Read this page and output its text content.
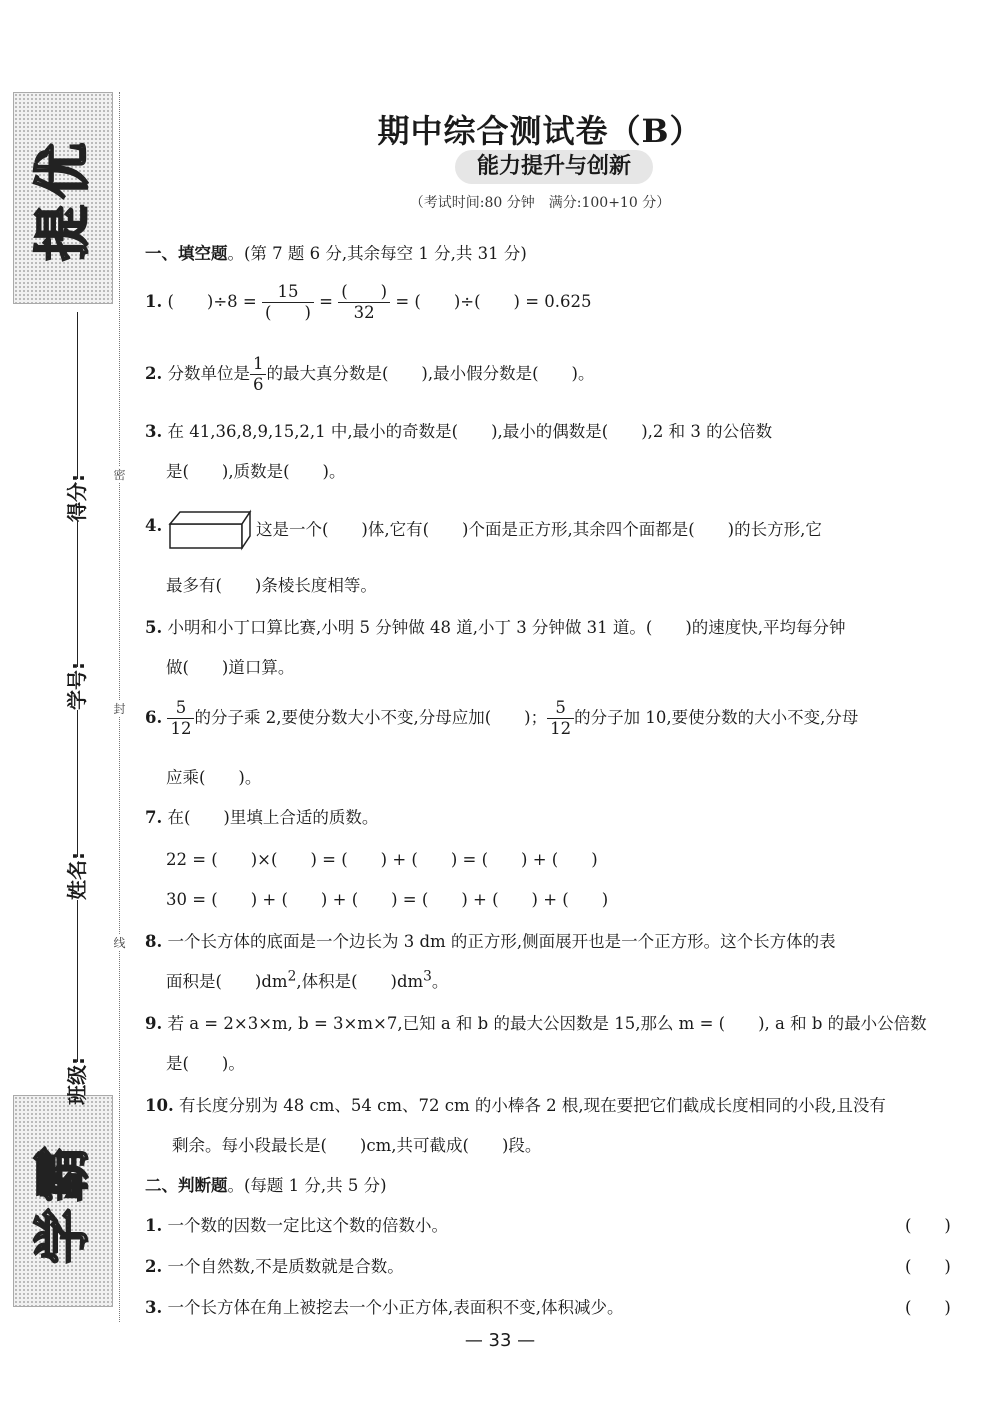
提优
学霸
密
封
线
得分:
学号:
姓名:
班级:
期中综合测试卷（B）
能力提升与创新
（考试时间:80 分钟　满分:100+10 分）
一、填空题。(第 7 题 6 分,其余每空 1 分,共 31 分)
1. (　　)$\div 8 = \frac{15}{( )} = \frac{( )}{32}$ = (　　)÷(　　) = 0.625
2. 分数单位是 $\frac{1}{6}$ 的最大真分数是(　　),最小假分数是(　　)。
3. 在 41,36,8,9,15,2,1 中,最小的奇数是(　　),最小的偶数是(　　),2 和 3 的公倍数
是(　　),质数是(　　)。
4.	这是一个(　　)体,它有(　　)个面是正方形,其余四个面都是(　　)的长方形,它
最多有(　　)条棱长度相等。
5. 小明和小丁口算比赛,小明 5 分钟做 48 道,小丁 3 分钟做 31 道。(　　)的速度快,平均每分钟
做(　　)道口算。
6. $\frac{5}{12}$ 的分子乘 2,要使分数大小不变,分母应加(　　)； $\frac{5}{12}$ 的分子加 10,要使分数的大小不变,分母
应乘(　　)。
7. 在(　　)里填上合适的质数。
22 = (　　)×(　　) = (　　) + (　　) = (　　) + (　　)
30 = (　　) + (　　) + (　　) = (　　) + (　　) + (　　)
8. 一个长方体的底面是一个边长为 3 dm 的正方形,侧面展开也是一个正方形。这个长方体的表
面积是(　　)$dm^2$,体积是(　　)$dm^3$。
9. 若 a = 2×3×m, b = 3×m×7,已知 a 和 b 的最大公因数是 15,那么 m = (　　), a 和 b 的最小公倍数
是(　　)。
10. 有长度分别为 48 cm、54 cm、72 cm 的小棒各 2 根,现在要把它们截成长度相同的小段,且没有
剩余。每小段最长是(　　)cm,共可截成(　　)段。
二、判断题。(每题 1 分,共 5 分)
1. 一个数的因数一定比这个数的倍数小。	(　　)
2. 一个自然数,不是质数就是合数。	(　　)
3. 一个长方体在角上被挖去一个小正方体,表面积不变,体积减少。	(　　)
— 33 —
